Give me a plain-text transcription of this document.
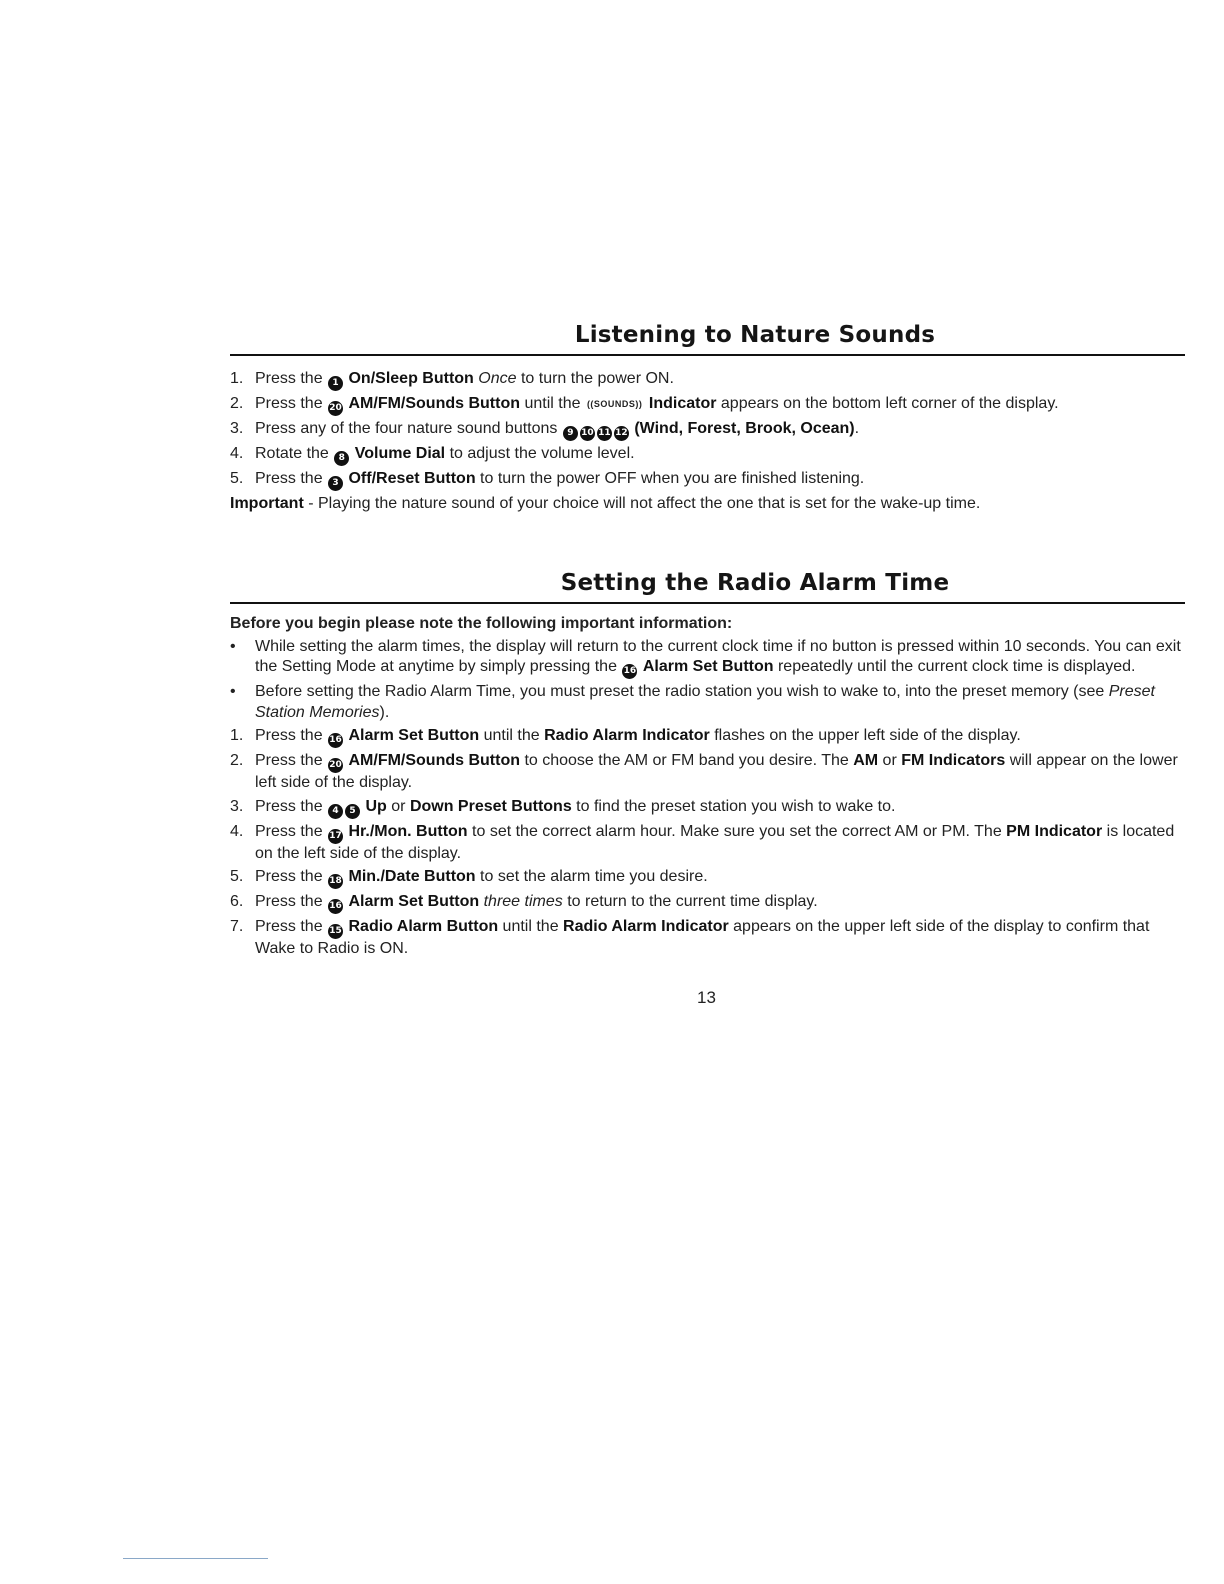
Listening to Nature Sounds
1. Press the 1 On/Sleep Button Once to turn the power ON.
2. Press the 20 AM/FM/Sounds Button until the ((SOUNDS)) Indicator appears on the bottom left corner of the display.
3. Press any of the four nature sound buttons 9 10 11 12 (Wind, Forest, Brook, Ocean).
4. Rotate the 8 Volume Dial to adjust the volume level.
5. Press the 3 Off/Reset Button to turn the power OFF when you are finished listening.
Important - Playing the nature sound of your choice will not affect the one that is set for the wake-up time.
Setting the Radio Alarm Time
Before you begin please note the following important information:
• While setting the alarm times, the display will return to the current clock time if no button is pressed within 10 seconds. You can exit the Setting Mode at anytime by simply pressing the 16 Alarm Set Button repeatedly until the current clock time is displayed.
• Before setting the Radio Alarm Time, you must preset the radio station you wish to wake to, into the preset memory (see Preset Station Memories).
1. Press the 16 Alarm Set Button until the Radio Alarm Indicator flashes on the upper left side of the display.
2. Press the 20 AM/FM/Sounds Button to choose the AM or FM band you desire. The AM or FM Indicators will appear on the lower left side of the display.
3. Press the 4 5 Up or Down Preset Buttons to find the preset station you wish to wake to.
4. Press the 17 Hr./Mon. Button to set the correct alarm hour. Make sure you set the correct AM or PM. The PM Indicator is located on the left side of the display.
5. Press the 18 Min./Date Button to set the alarm time you desire.
6. Press the 16 Alarm Set Button three times to return to the current time display.
7. Press the 15 Radio Alarm Button until the Radio Alarm Indicator appears on the upper left side of the display to confirm that Wake to Radio is ON.
13
